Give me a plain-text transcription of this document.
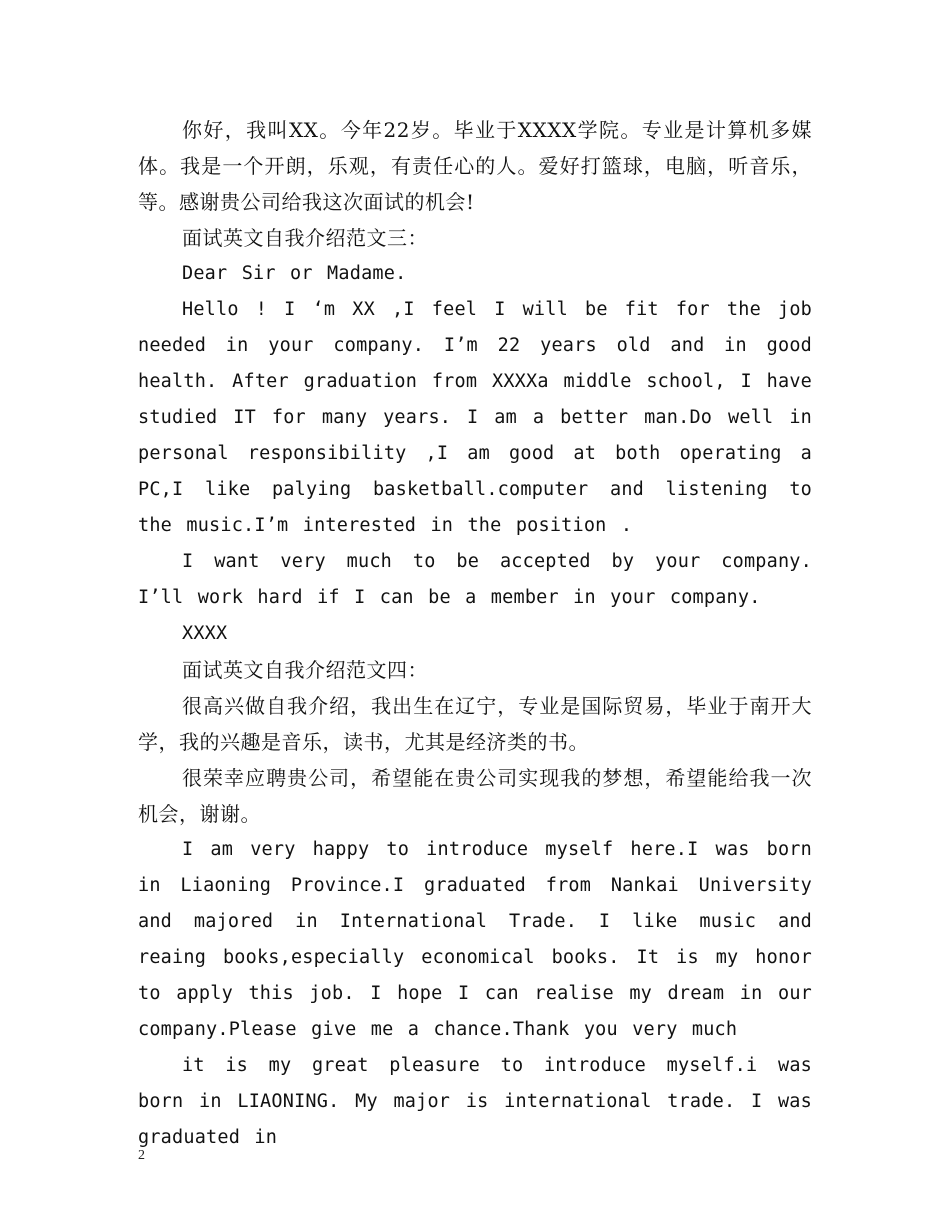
你好，我叫XX。今年22岁。毕业于XXXX学院。专业是计算机多媒体。我是一个开朗，乐观，有责任心的人。爱好打篮球，电脑，听音乐，等。感谢贵公司给我这次面试的机会!

面试英文自我介绍范文三：

Dear Sir or Madame.

Hello ! I ‘m XX ,I feel I will be fit for the job needed in your company. I’m 22 years old and in good health. After graduation from XXXXa middle school, I have studied IT for many years. I am a better man.Do well in personal responsibility ,I am good at both operating a PC,I like palying basketball.computer and listening to the music.I’m interested in the position .

I want very much to be accepted by your company. I’ll work hard if I can be a member in your company.

XXXX

面试英文自我介绍范文四：

很高兴做自我介绍，我出生在辽宁，专业是国际贸易，毕业于南开大学，我的兴趣是音乐，读书，尤其是经济类的书。

很荣幸应聘贵公司，希望能在贵公司实现我的梦想，希望能给我一次机会，谢谢。

I am very happy to introduce myself here.I was born in Liaoning Province.I graduated from Nankai University and majored in International Trade. I like music and reaing books,especially economical books. It is my honor to apply this job. I hope I can realise my dream in our company.Please give me a chance.Thank you very much

it is my great pleasure to introduce myself.i was born in LIAONING. My major is international trade. I was graduated in

2
